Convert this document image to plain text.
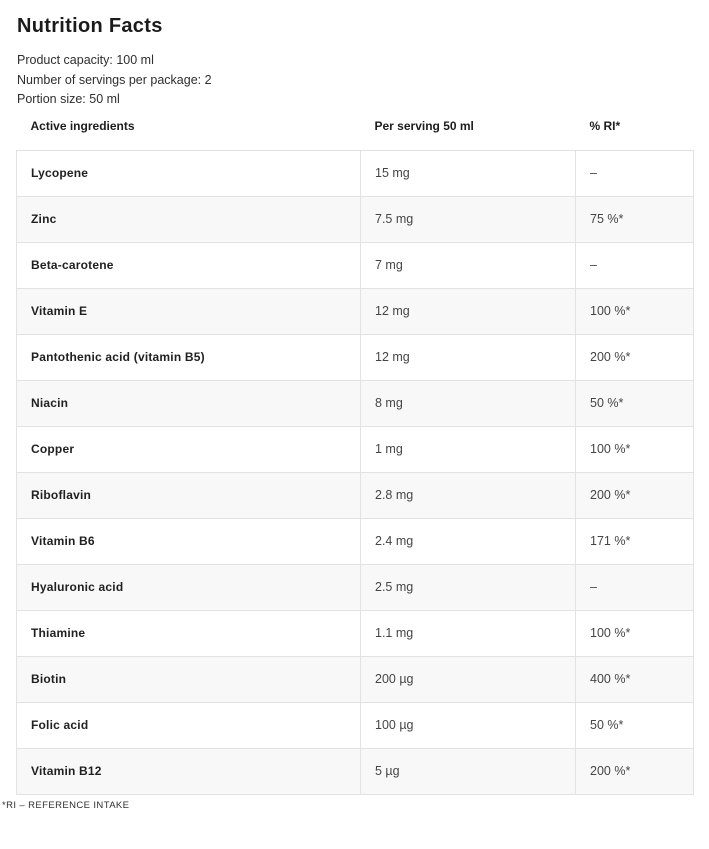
Nutrition Facts
Product capacity: 100 ml
Number of servings per package: 2
Portion size: 50 ml
Active ingredients	Per serving 50 ml	% RI*
Lycopene	15 mg	–
Zinc	7.5 mg	75 %*
Beta-carotene	7 mg	–
Vitamin E	12 mg	100 %*
Pantothenic acid (vitamin B5)	12 mg	200 %*
Niacin	8 mg	50 %*
Copper	1 mg	100 %*
Riboflavin	2.8 mg	200 %*
Vitamin B6	2.4 mg	171 %*
Hyaluronic acid	2.5 mg	–
Thiamine	1.1 mg	100 %*
Biotin	200 µg	400 %*
Folic acid	100 µg	50 %*
Vitamin B12	5 µg	200 %*
*RI – REFERENCE INTAKE
